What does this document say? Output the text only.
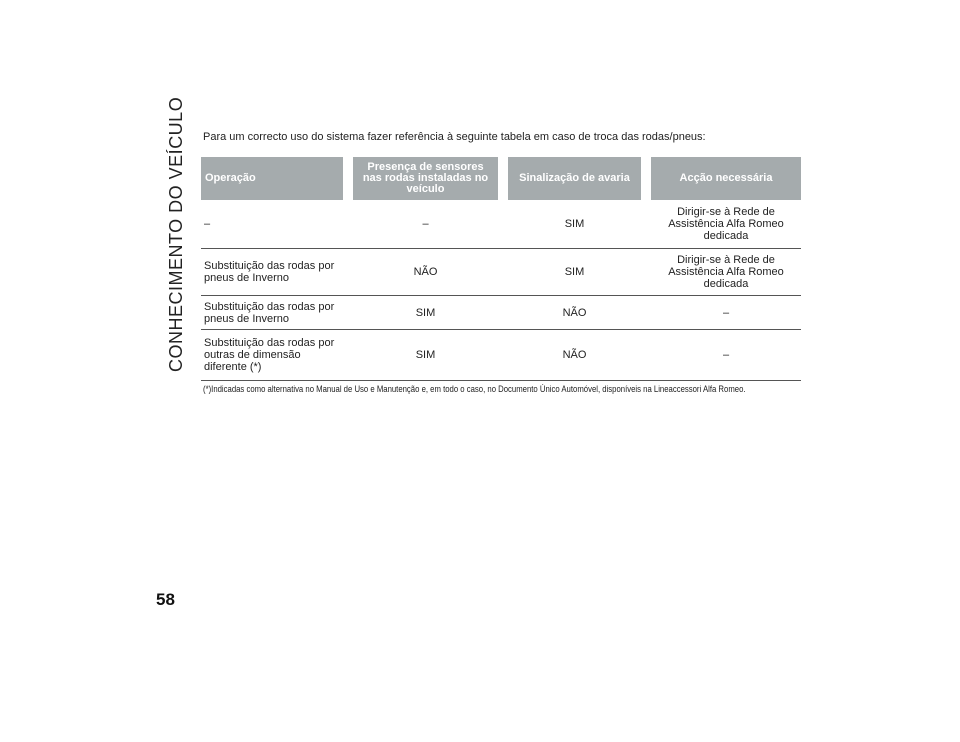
CONHECIMENTO DO VEÍCULO
58
Para um correcto uso do sistema fazer referência à seguinte tabela em caso de troca das rodas/pneus:
Operação		Presença de sensores nas rodas instaladas no veículo		Sinalização de avaria		Acção necessária
–		–		SIM		Dirigir-se à Rede de Assistência Alfa Romeo dedicada
Substituição das rodas por pneus de Inverno		NÃO		SIM		Dirigir-se à Rede de Assistência Alfa Romeo dedicada
Substituição das rodas por pneus de Inverno		SIM		NÃO		–
Substituição das rodas por outras de dimensão diferente (*)		SIM		NÃO		–
(*)Indicadas como alternativa no Manual de Uso e Manutenção e, em todo o caso, no Documento Único Automóvel, disponíveis na Lineaccessori Alfa Romeo.
